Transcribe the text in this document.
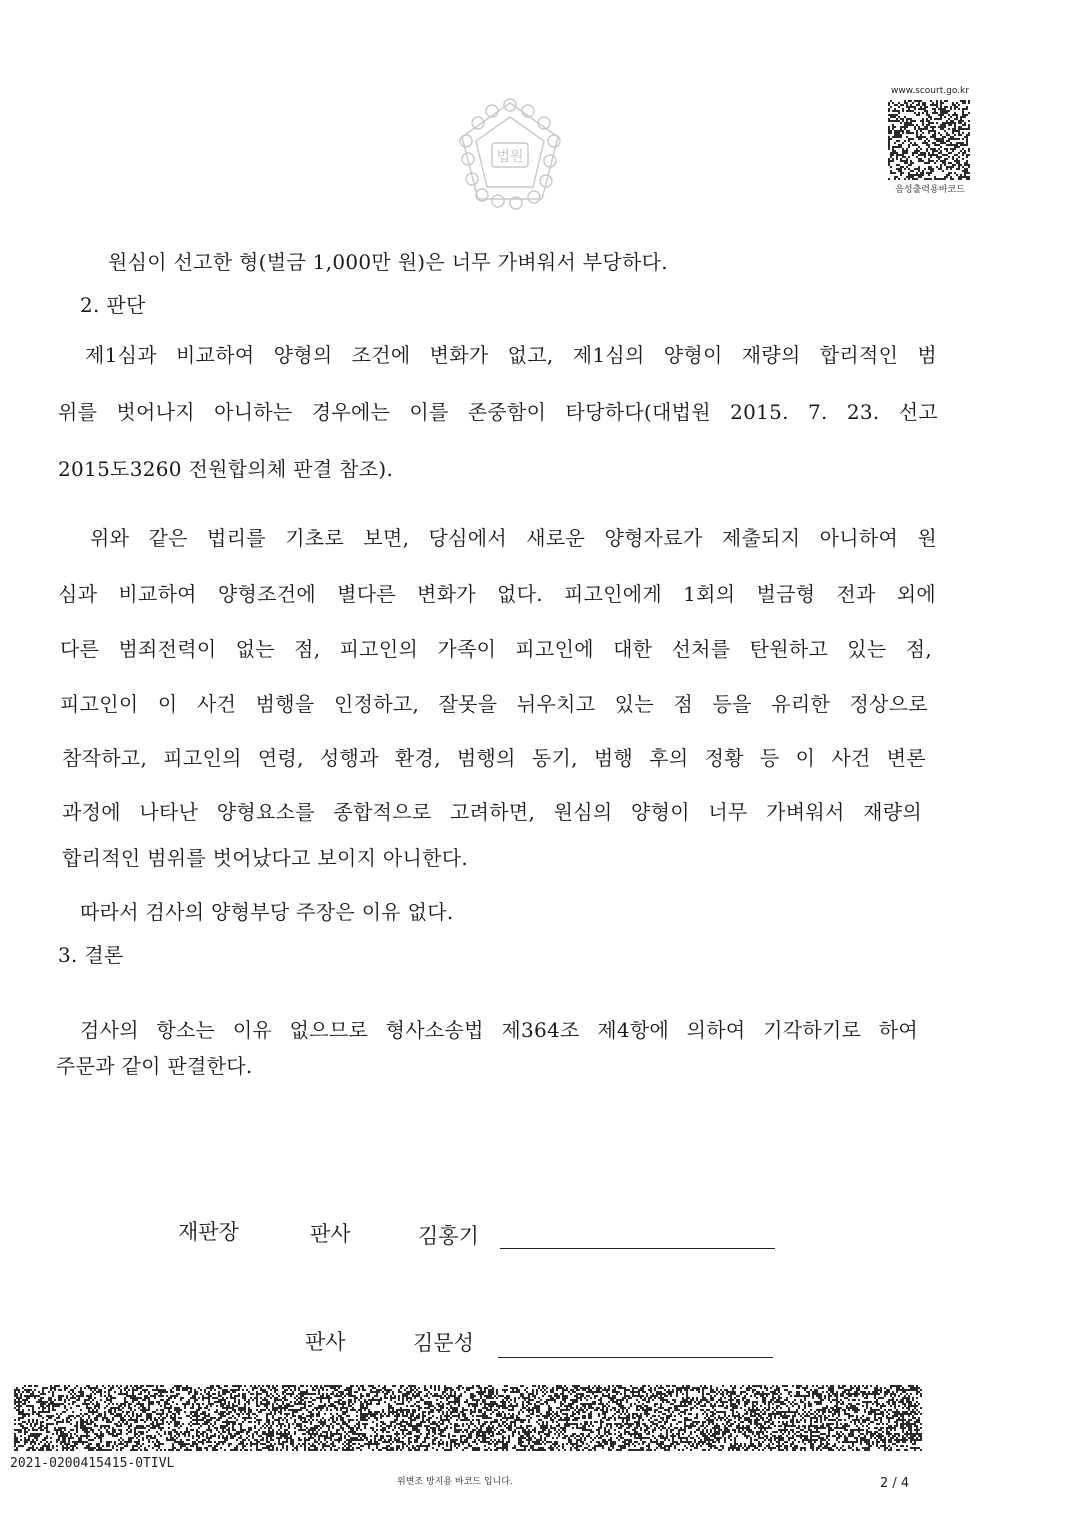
법원
www.scourt.go.kr
음성출력용바코드
원심이 선고한 형(벌금 1,000만 원)은 너무 가벼워서 부당하다.
2. 판단
제1심과 비교하여 양형의 조건에 변화가 없고, 제1심의 양형이 재량의 합리적인 범
위를 벗어나지 아니하는 경우에는 이를 존중함이 타당하다(대법원 2015. 7. 23. 선고
2015도3260 전원합의체 판결 참조).
위와 같은 법리를 기초로 보면, 당심에서 새로운 양형자료가 제출되지 아니하여 원
심과 비교하여 양형조건에 별다른 변화가 없다. 피고인에게 1회의 벌금형 전과 외에
다른 범죄전력이 없는 점, 피고인의 가족이 피고인에 대한 선처를 탄원하고 있는 점,
피고인이 이 사건 범행을 인정하고, 잘못을 뉘우치고 있는 점 등을 유리한 정상으로
참작하고, 피고인의 연령, 성행과 환경, 범행의 동기, 범행 후의 정황 등 이 사건 변론
과정에 나타난 양형요소를 종합적으로 고려하면, 원심의 양형이 너무 가벼워서 재량의
합리적인 범위를 벗어났다고 보이지 아니한다.
따라서 검사의 양형부당 주장은 이유 없다.
3. 결론
검사의 항소는 이유 없으므로 형사소송법 제364조 제4항에 의하여 기각하기로 하여
주문과 같이 판결한다.
재판장	판사	김홍기
판사	김문성
2021-0200415415-0TIVL
위변조 방지용 바코드 입니다.	2 / 4
